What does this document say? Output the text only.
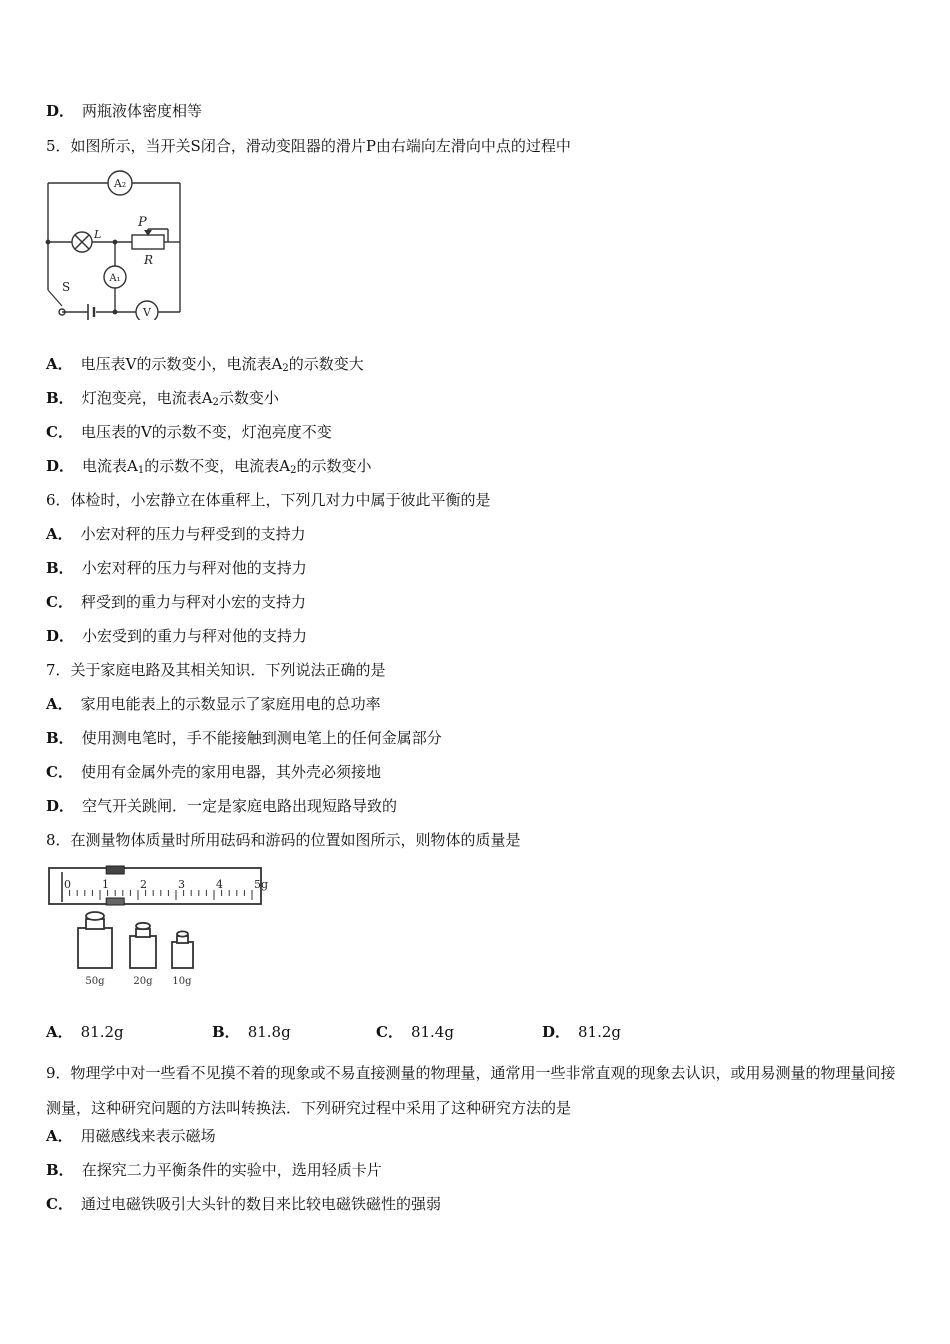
D． 两瓶液体密度相等
5．如图所示，当开关S闭合，滑动变阻器的滑片P由右端向左滑向中点的过程中
A₂
A₁
V
L
P
R
S
A． 电压表V的示数变小，电流表$A_2$的示数变大
B． 灯泡变亮，电流表$A_2$示数变小
C． 电压表的V的示数不变，灯泡亮度不变
D． 电流表$A_1$的示数不变，电流表$A_2$的示数变小
6．体检时，小宏静立在体重秤上，下列几对力中属于彼此平衡的是
A． 小宏对秤的压力与秤受到的支持力
B． 小宏对秤的压力与秤对他的支持力
C． 秤受到的重力与秤对小宏的支持力
D． 小宏受到的重力与秤对他的支持力
7．关于家庭电路及其相关知识．下列说法正确的是
A． 家用电能表上的示数显示了家庭用电的总功率
B． 使用测电笔时，手不能接触到测电笔上的任何金属部分
C． 使用有金属外壳的家用电器，其外壳必须接地
D． 空气开关跳闸．一定是家庭电路出现短路导致的
8．在测量物体质量时所用砝码和游码的位置如图所示，则物体的质量是
0	1	2	3	4	5g
50g	20g 10g
A． 81.2g	B． 81.8g	C． 81.4g	D． 81.2g
9．物理学中对一些看不见摸不着的现象或不易直接测量的物理量，通常用一些非常直观的现象去认识，或用易测量的物理量间接测量，这种研究问题的方法叫转换法．下列研究过程中采用了这种研究方法的是
A． 用磁感线来表示磁场
B． 在探究二力平衡条件的实验中，选用轻质卡片
C． 通过电磁铁吸引大头针的数目来比较电磁铁磁性的强弱
